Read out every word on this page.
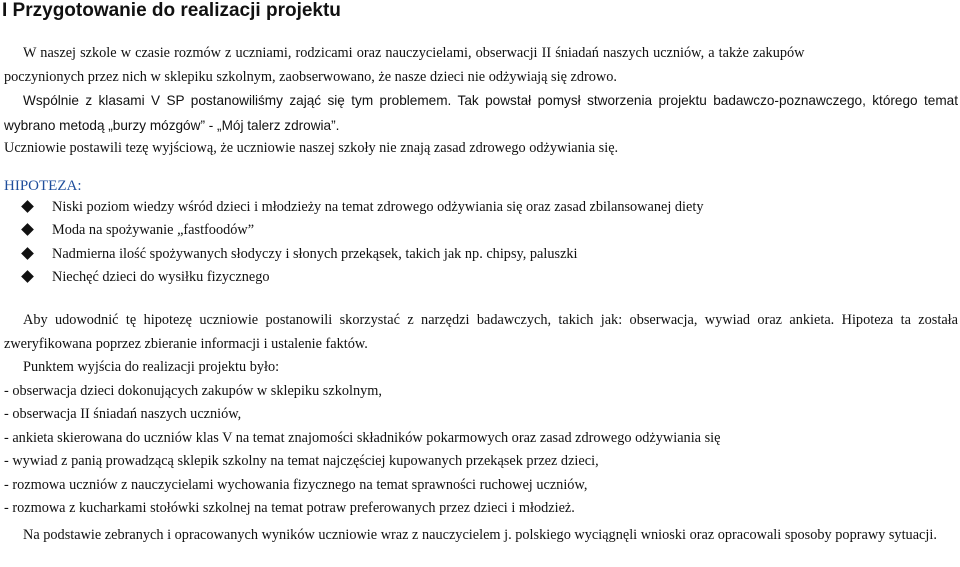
I Przygotowanie do realizacji projektu
W naszej szkole w czasie rozmów z uczniami, rodzicami oraz nauczycielami, obserwacji II śniadań naszych uczniów, a także zakupów
poczynionych przez nich w sklepiku szkolnym, zaobserwowano, że nasze dzieci nie odżywiają się zdrowo.

Wspólnie z klasami V SP postanowiliśmy zająć się tym problemem. Tak powstał pomysł stworzenia projektu badawczo-poznawczego, którego temat wybrano metodą „burzy mózgów” - „Mój talerz zdrowia”.

Uczniowie postawili tezę wyjściową, że uczniowie naszej szkoły nie znają zasad zdrowego odżywiania się.

HIPOTEZA:
Niski poziom wiedzy wśród dzieci i młodzieży na temat zdrowego odżywiania się oraz zasad zbilansowanej diety
Moda na spożywanie „fastfoodów”
Nadmierna ilość spożywanych słodyczy i słonych przekąsek, takich jak np. chipsy, paluszki
Niechęć dzieci do wysiłku fizycznego

Aby udowodnić tę hipotezę uczniowie postanowili skorzystać z narzędzi badawczych, takich jak: obserwacja, wywiad oraz ankieta. Hipoteza ta została zweryfikowana poprzez zbieranie informacji i ustalenie faktów.

Punktem wyjścia do realizacji projektu było:
- obserwacja dzieci dokonujących zakupów w sklepiku szkolnym,
- obserwacja II śniadań naszych uczniów,
- ankieta skierowana do uczniów klas V na temat znajomości składników pokarmowych oraz zasad zdrowego odżywiania się
- wywiad z panią prowadzącą sklepik szkolny na temat najczęściej kupowanych przekąsek przez dzieci,
- rozmowa uczniów z nauczycielami wychowania fizycznego na temat sprawności ruchowej uczniów,
- rozmowa z kucharkami stołówki szkolnej na temat potraw preferowanych przez dzieci i młodzież.

Na podstawie zebranych i opracowanych wyników uczniowie wraz z nauczycielem j. polskiego wyciągnęli wnioski oraz opracowali sposoby poprawy sytuacji.
